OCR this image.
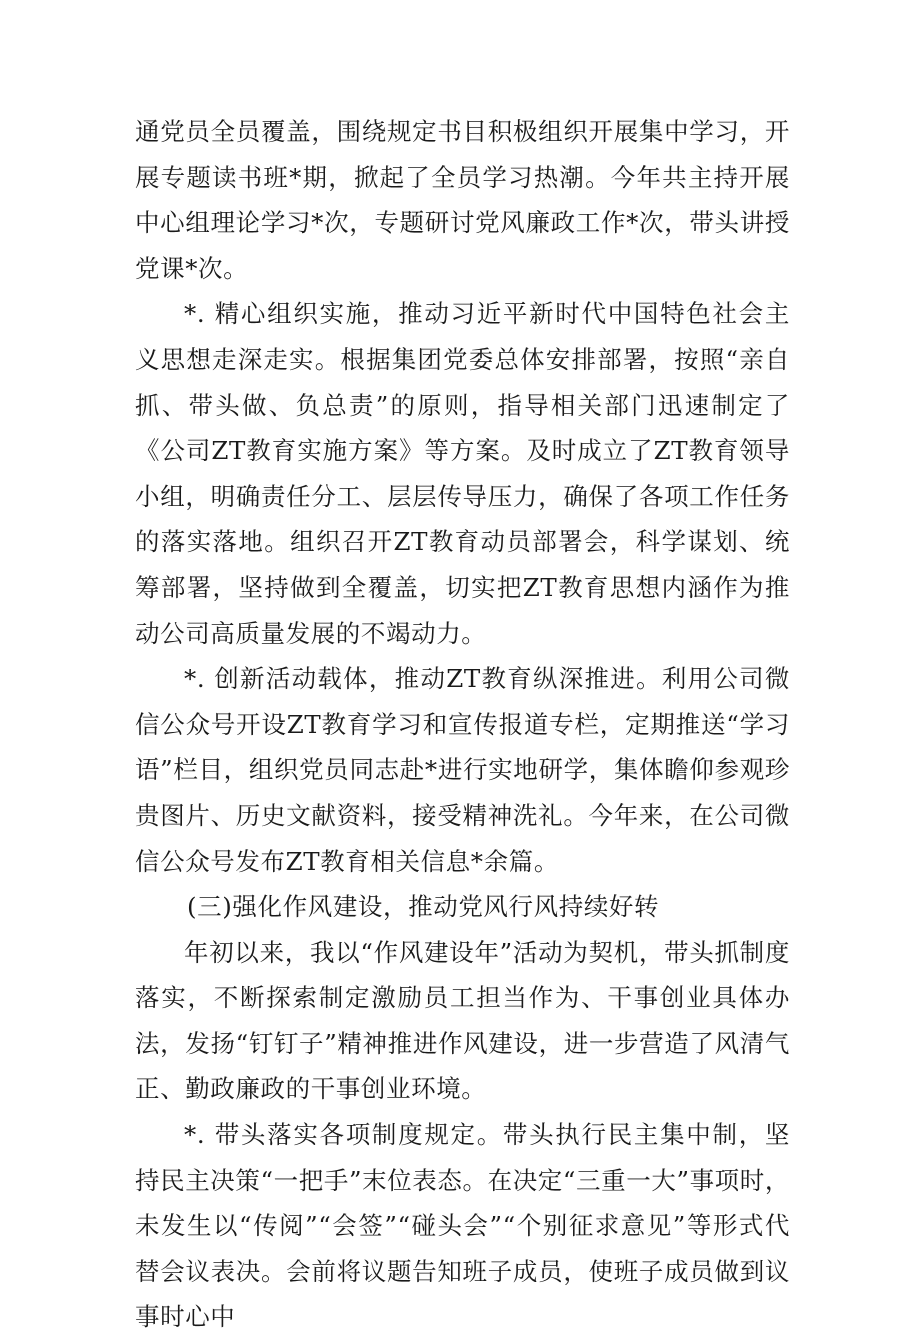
通党员全员覆盖，围绕规定书目积极组织开展集中学习，开展专题读书班*期，掀起了全员学习热潮。今年共主持开展中心组理论学习*次，专题研讨党风廉政工作*次，带头讲授党课*次。

*. 精心组织实施，推动习近平新时代中国特色社会主义思想走深走实。根据集团党委总体安排部署，按照“亲自抓、带头做、负总责”的原则，指导相关部门迅速制定了《公司ZT教育实施方案》等方案。及时成立了ZT教育领导小组，明确责任分工、层层传导压力，确保了各项工作任务的落实落地。组织召开ZT教育动员部署会，科学谋划、统筹部署，坚持做到全覆盖，切实把ZT教育思想内涵作为推动公司高质量发展的不竭动力。

*. 创新活动载体，推动ZT教育纵深推进。利用公司微信公众号开设ZT教育学习和宣传报道专栏，定期推送“学习语”栏目，组织党员同志赴*进行实地研学，集体瞻仰参观珍贵图片、历史文献资料，接受精神洗礼。今年来，在公司微信公众号发布ZT教育相关信息*余篇。

(三)强化作风建设，推动党风行风持续好转

年初以来，我以“作风建设年”活动为契机，带头抓制度落实，不断探索制定激励员工担当作为、干事创业具体办法，发扬“钉钉子”精神推进作风建设，进一步营造了风清气正、勤政廉政的干事创业环境。

*. 带头落实各项制度规定。带头执行民主集中制，坚持民主决策“一把手”末位表态。在决定“三重一大”事项时，未发生以“传阅”“会签”“碰头会”“个别征求意见”等形式代替会议表决。会前将议题告知班子成员，使班子成员做到议事时心中
